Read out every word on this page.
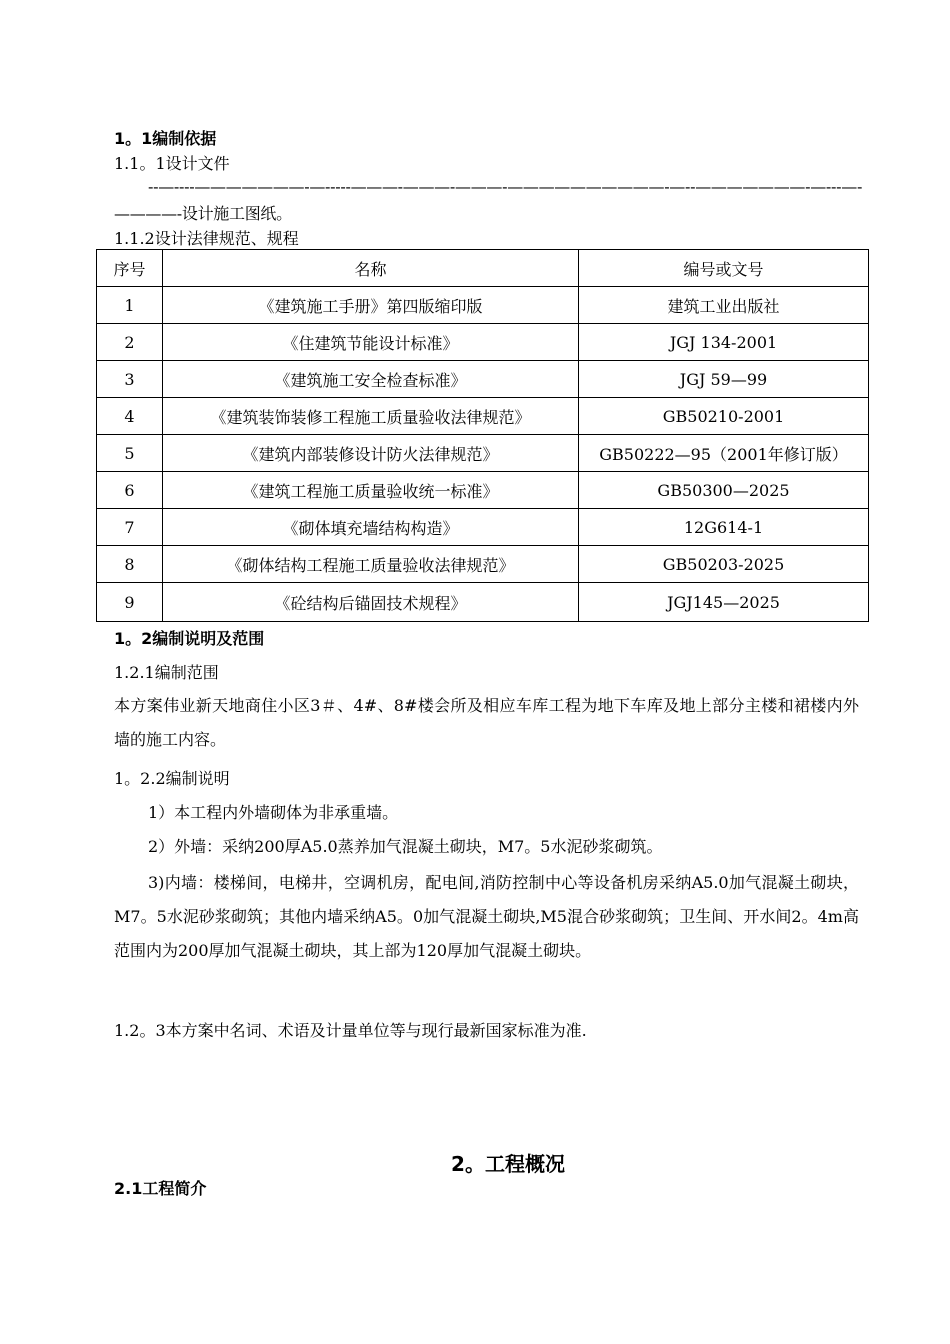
1。1编制依据
1.1。1设计文件
--—----———————-—-----———-———-———-——————————-—--———————-—---—-
————-设计施工图纸。
1.1.2设计法律规范、规程
序号	名称	编号或文号
1	《建筑施工手册》第四版缩印版	建筑工业出版社
2	《住建筑节能设计标准》	JGJ 134-2001
3	《建筑施工安全检查标准》	JGJ 59—99
4	《建筑装饰装修工程施工质量验收法律规范》	GB50210-2001
5	《建筑内部装修设计防火法律规范》	GB50222—95（2001年修订版）
6	《建筑工程施工质量验收统一标准》	GB50300—2025
7	《砌体填充墙结构构造》	12G614-1
8	《砌体结构工程施工质量验收法律规范》	GB50203-2025
9	《砼结构后锚固技术规程》	JGJ145—2025
1。2编制说明及范围
1.2.1编制范围
本方案伟业新天地商住小区3＃、4#、8#楼会所及相应车库工程为地下车库及地上部分主楼和裙楼内外墙的施工内容。
1。2.2编制说明
1）本工程内外墙砌体为非承重墙。
2）外墙：采纳200厚A5.0蒸养加气混凝土砌块，M7。5水泥砂浆砌筑。
3)内墙：楼梯间，电梯井，空调机房，配电间,消防控制中心等设备机房采纳A5.0加气混凝土砌块，M7。5水泥砂浆砌筑；其他内墙采纳A5。0加气混凝土砌块,M5混合砂浆砌筑；卫生间、开水间2。4m高范围内为200厚加气混凝土砌块，其上部为120厚加气混凝土砌块。
1.2。3本方案中名词、术语及计量单位等与现行最新国家标准为准.
2。工程概况
2.1工程简介
